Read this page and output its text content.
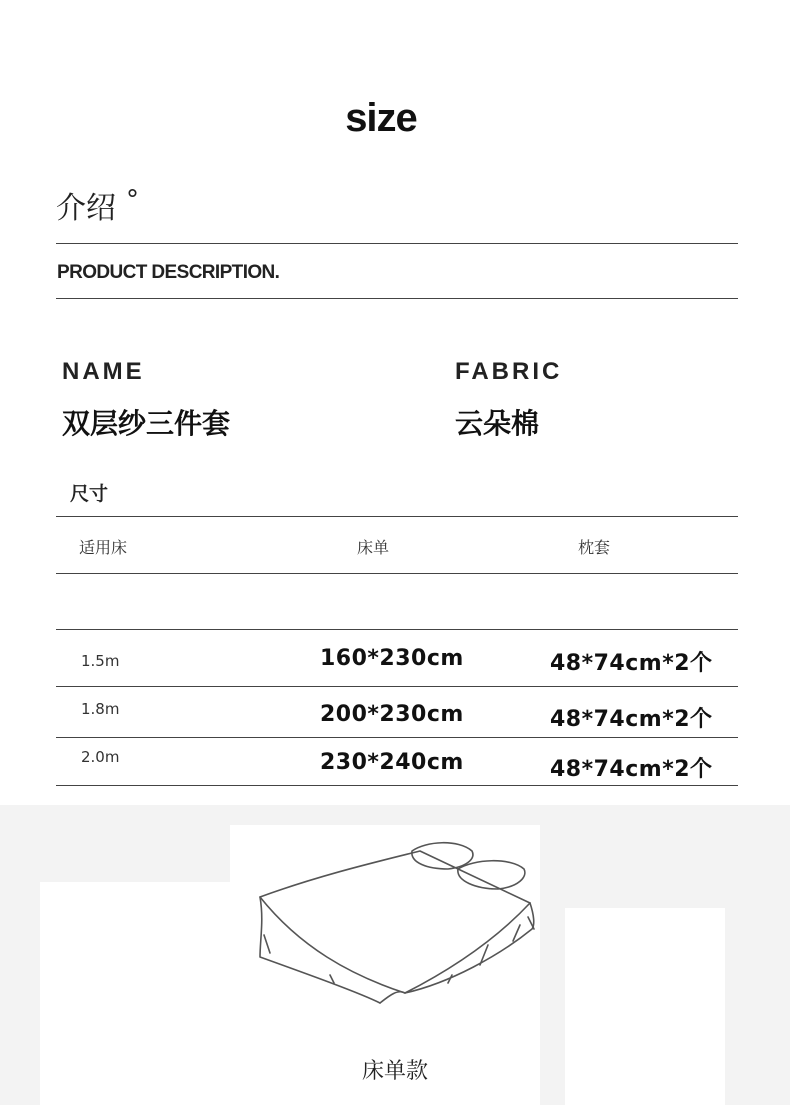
size
介绍 °
PRODUCT DESCRIPTION.
NAME
双层纱三件套
FABRIC
云朵棉
尺寸
适用床	床单	枕套
1.5m	160*230cm	48*74cm*2个
1.8m	200*230cm	48*74cm*2个
2.0m	230*240cm	48*74cm*2个
床单款
